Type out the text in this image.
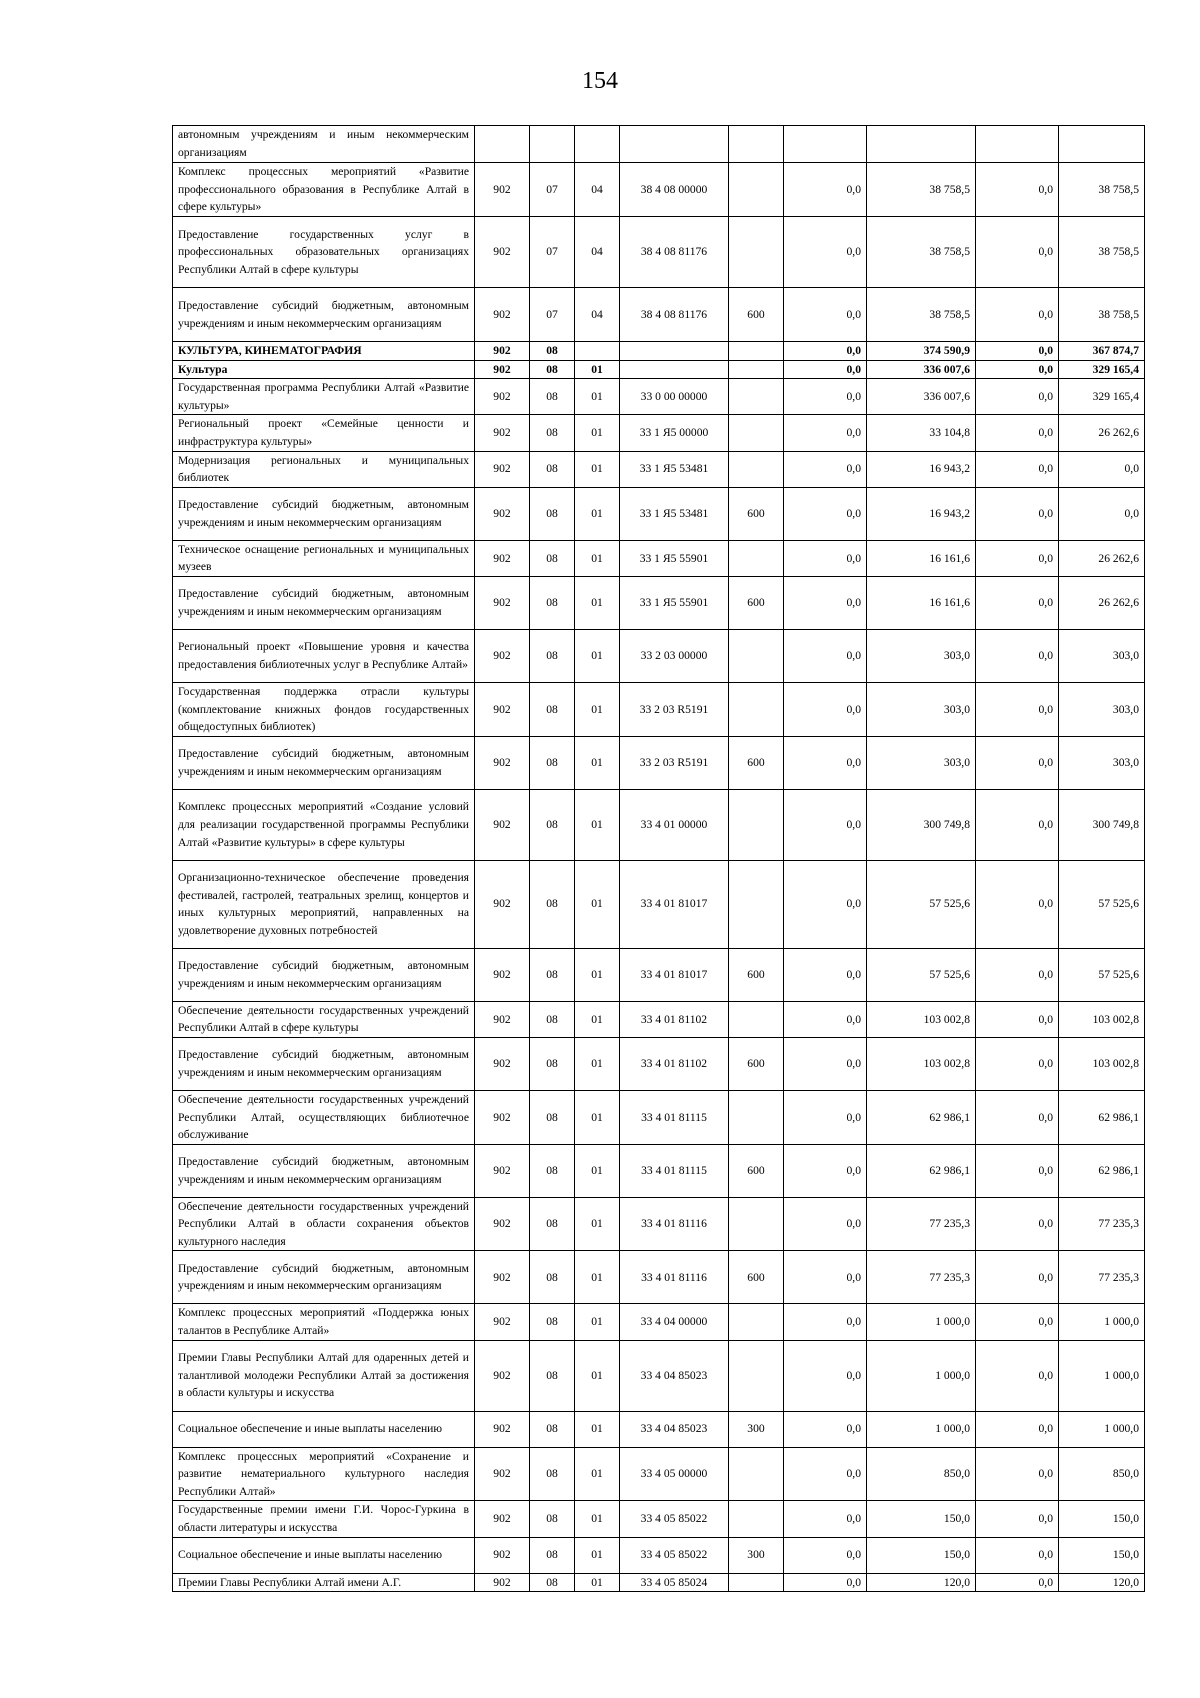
154
автономным учреждениям и иным некоммерческим организациям									
Комплекс процессных мероприятий «Развитие профессионального образования в Республике Алтай в сфере культуры»	902	07	04	38 4 08 00000		0,0	38 758,5	0,0	38 758,5
Предоставление государственных услуг в профессиональных образовательных организациях Республики Алтай в сфере культуры	902	07	04	38 4 08 81176		0,0	38 758,5	0,0	38 758,5
Предоставление субсидий бюджетным, автономным учреждениям и иным некоммерческим организациям	902	07	04	38 4 08 81176	600	0,0	38 758,5	0,0	38 758,5
КУЛЬТУРА, КИНЕМАТОГРАФИЯ	902	08				0,0	374 590,9	0,0	367 874,7
Культура	902	08	01			0,0	336 007,6	0,0	329 165,4
Государственная программа Республики Алтай «Развитие культуры»	902	08	01	33 0 00 00000		0,0	336 007,6	0,0	329 165,4
Региональный проект «Семейные ценности и инфраструктура культуры»	902	08	01	33 1 Я5 00000		0,0	33 104,8	0,0	26 262,6
Модернизация региональных и муниципальных библиотек	902	08	01	33 1 Я5 53481		0,0	16 943,2	0,0	0,0
Предоставление субсидий бюджетным, автономным учреждениям и иным некоммерческим организациям	902	08	01	33 1 Я5 53481	600	0,0	16 943,2	0,0	0,0
Техническое оснащение региональных и муниципальных музеев	902	08	01	33 1 Я5 55901		0,0	16 161,6	0,0	26 262,6
Предоставление субсидий бюджетным, автономным учреждениям и иным некоммерческим организациям	902	08	01	33 1 Я5 55901	600	0,0	16 161,6	0,0	26 262,6
Региональный проект «Повышение уровня и качества предоставления библиотечных услуг в Республике Алтай»	902	08	01	33 2 03 00000		0,0	303,0	0,0	303,0
Государственная поддержка отрасли культуры (комплектование книжных фондов государственных общедоступных библиотек)	902	08	01	33 2 03 R5191		0,0	303,0	0,0	303,0
Предоставление субсидий бюджетным, автономным учреждениям и иным некоммерческим организациям	902	08	01	33 2 03 R5191	600	0,0	303,0	0,0	303,0
Комплекс процессных мероприятий «Создание условий для реализации государственной программы Республики Алтай «Развитие культуры» в сфере культуры	902	08	01	33 4 01 00000		0,0	300 749,8	0,0	300 749,8
Организационно-техническое обеспечение проведения фестивалей, гастролей, театральных зрелищ, концертов и иных культурных мероприятий, направленных на удовлетворение духовных потребностей	902	08	01	33 4 01 81017		0,0	57 525,6	0,0	57 525,6
Предоставление субсидий бюджетным, автономным учреждениям и иным некоммерческим организациям	902	08	01	33 4 01 81017	600	0,0	57 525,6	0,0	57 525,6
Обеспечение деятельности государственных учреждений Республики Алтай в сфере культуры	902	08	01	33 4 01 81102		0,0	103 002,8	0,0	103 002,8
Предоставление субсидий бюджетным, автономным учреждениям и иным некоммерческим организациям	902	08	01	33 4 01 81102	600	0,0	103 002,8	0,0	103 002,8
Обеспечение деятельности государственных учреждений Республики Алтай, осуществляющих библиотечное обслуживание	902	08	01	33 4 01 81115		0,0	62 986,1	0,0	62 986,1
Предоставление субсидий бюджетным, автономным учреждениям и иным некоммерческим организациям	902	08	01	33 4 01 81115	600	0,0	62 986,1	0,0	62 986,1
Обеспечение деятельности государственных учреждений Республики Алтай в области сохранения объектов культурного наследия	902	08	01	33 4 01 81116		0,0	77 235,3	0,0	77 235,3
Предоставление субсидий бюджетным, автономным учреждениям и иным некоммерческим организациям	902	08	01	33 4 01 81116	600	0,0	77 235,3	0,0	77 235,3
Комплекс процессных мероприятий «Поддержка юных талантов в Республике Алтай»	902	08	01	33 4 04 00000		0,0	1 000,0	0,0	1 000,0
Премии Главы Республики Алтай для одаренных детей и талантливой молодежи Республики Алтай за достижения в области культуры и искусства	902	08	01	33 4 04 85023		0,0	1 000,0	0,0	1 000,0
Социальное обеспечение и иные выплаты населению	902	08	01	33 4 04 85023	300	0,0	1 000,0	0,0	1 000,0
Комплекс процессных мероприятий «Сохранение и развитие нематериального культурного наследия Республики Алтай»	902	08	01	33 4 05 00000		0,0	850,0	0,0	850,0
Государственные премии имени Г.И. Чорос-Гуркина в области литературы и искусства	902	08	01	33 4 05 85022		0,0	150,0	0,0	150,0
Социальное обеспечение и иные выплаты населению	902	08	01	33 4 05 85022	300	0,0	150,0	0,0	150,0
Премии Главы Республики Алтай имени А.Г.	902	08	01	33 4 05 85024		0,0	120,0	0,0	120,0
